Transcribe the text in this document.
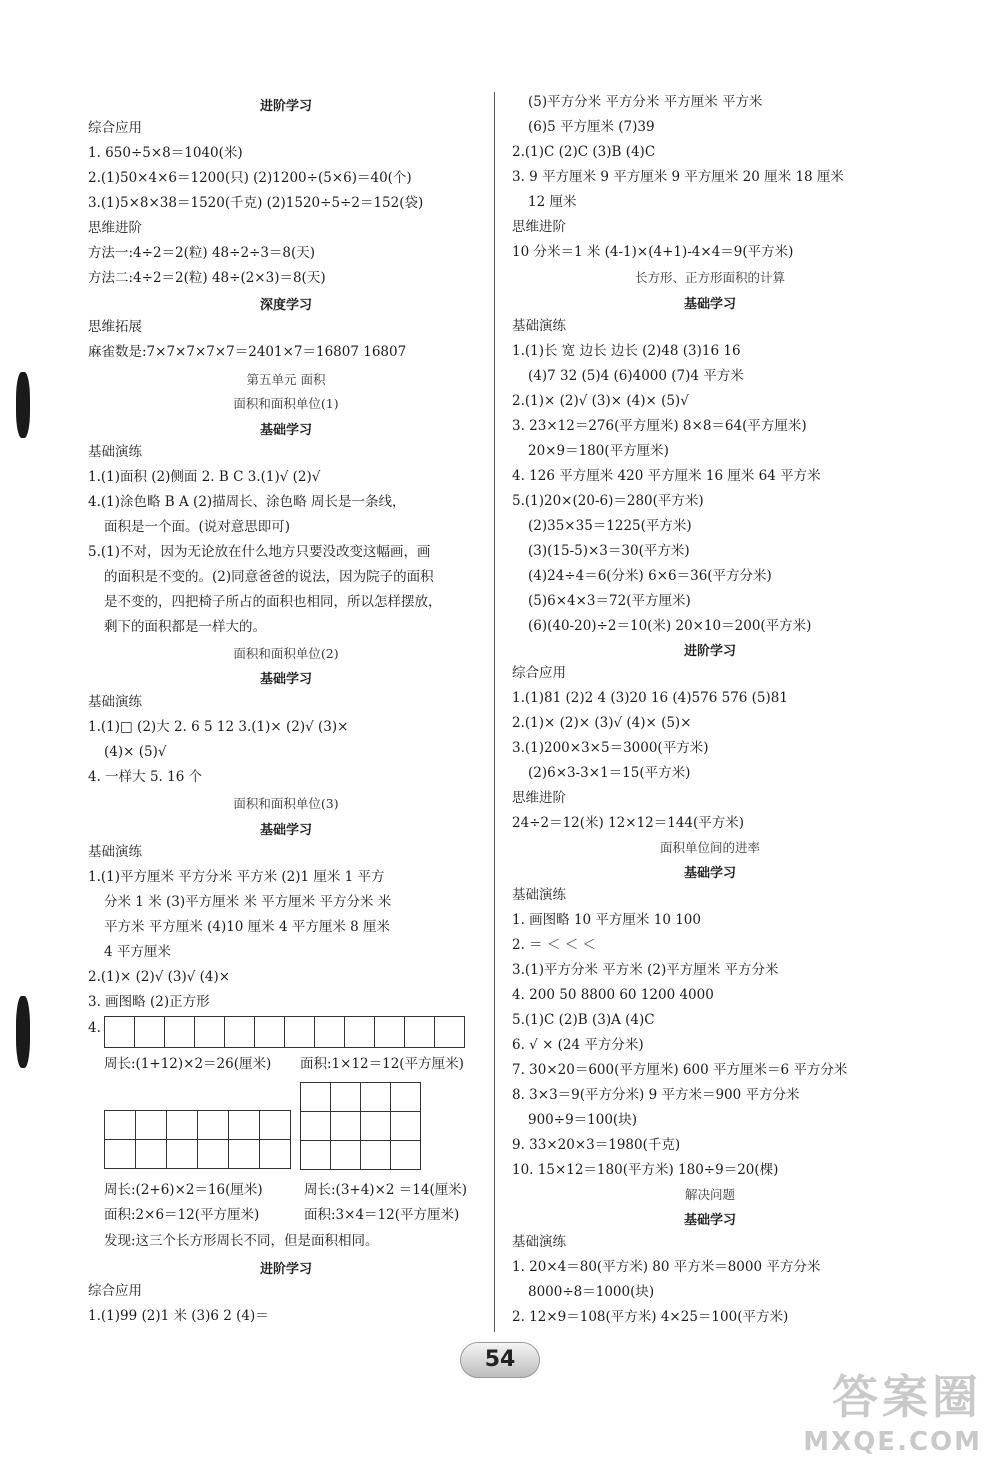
进阶学习
综合应用
1. 650÷5×8＝1040(米)
2.(1)50×4×6＝1200(只) (2)1200÷(5×6)＝40(个)
3.(1)5×8×38＝1520(千克) (2)1520÷5÷2＝152(袋)
思维进阶
方法一:4÷2＝2(粒) 48÷2÷3＝8(天)
方法二:4÷2＝2(粒) 48÷(2×3)＝8(天)
深度学习
思维拓展
麻雀数是:7×7×7×7×7＝2401×7＝16807 16807
第五单元 面积
面积和面积单位(1)
基础学习
基础演练
1.(1)面积 (2)侧面 2. B C 3.(1)√ (2)√
4.(1)涂色略 B A (2)描周长、涂色略 周长是一条线，
面积是一个面。(说对意思即可)
5.(1)不对，因为无论放在什么地方只要没改变这幅画，画
的面积是不变的。(2)同意爸爸的说法，因为院子的面积
是不变的，四把椅子所占的面积也相同，所以怎样摆放，
剩下的面积都是一样大的。
面积和面积单位(2)
基础学习
基础演练
1.(1)□ (2)大 2. 6 5 12 3.(1)× (2)√ (3)×
(4)× (5)√
4. 一样大 5. 16 个
面积和面积单位(3)
基础学习
基础演练
1.(1)平方厘米 平方分米 平方米 (2)1 厘米 1 平方
分米 1 米 (3)平方厘米 米 平方厘米 平方分米 米
平方米 平方厘米 (4)10 厘米 4 平方厘米 8 厘米
4 平方厘米
2.(1)× (2)√ (3)√ (4)×
3. 画图略 (2)正方形
4.

周长:(1+12)×2＝26(厘米) 面积:1×12＝12(平方厘米)

周长:(2+6)×2＝16(厘米)	周长:(3+4)×2 ＝14(厘米)
面积:2×6＝12(平方厘米)	面积:3×4＝12(平方厘米)
发现:这三个长方形周长不同，但是面积相同。
进阶学习
综合应用
1.(1)99 (2)1 米 (3)6 2 (4)＝
(5)平方分米 平方分米 平方厘米 平方米
(6)5 平方厘米 (7)39
2.(1)C (2)C (3)B (4)C
3. 9 平方厘米 9 平方厘米 9 平方厘米 20 厘米 18 厘米
12 厘米
思维进阶
10 分米＝1 米 (4-1)×(4+1)-4×4＝9(平方米)
长方形、正方形面积的计算
基础学习
基础演练
1.(1)长 宽 边长 边长 (2)48 (3)16 16
(4)7 32 (5)4 (6)4000 (7)4 平方米
2.(1)× (2)√ (3)× (4)× (5)√
3. 23×12＝276(平方厘米) 8×8＝64(平方厘米)
20×9＝180(平方厘米)
4. 126 平方厘米 420 平方厘米 16 厘米 64 平方米
5.(1)20×(20-6)＝280(平方米)
(2)35×35＝1225(平方米)
(3)(15-5)×3＝30(平方米)
(4)24÷4＝6(分米) 6×6＝36(平方分米)
(5)6×4×3＝72(平方厘米)
(6)(40-20)÷2＝10(米) 20×10＝200(平方米)
进阶学习
综合应用
1.(1)81 (2)2 4 (3)20 16 (4)576 576 (5)81
2.(1)× (2)× (3)√ (4)× (5)×
3.(1)200×3×5＝3000(平方米)
(2)6×3-3×1＝15(平方米)
思维进阶
24÷2＝12(米) 12×12＝144(平方米)
面积单位间的进率
基础学习
基础演练
1. 画图略 10 平方厘米 10 100
2. ＝ ＜ ＜ ＜
3.(1)平方分米 平方米 (2)平方厘米 平方分米
4. 200 50 8800 60 1200 4000
5.(1)C (2)B (3)A (4)C
6. √ × (24 平方分米)
7. 30×20＝600(平方厘米) 600 平方厘米＝6 平方分米
8. 3×3＝9(平方分米) 9 平方米＝900 平方分米
900÷9＝100(块)
9. 33×20×3＝1980(千克)
10. 15×12＝180(平方米) 180÷9＝20(棵)
解决问题
基础学习
基础演练
1. 20×4＝80(平方米) 80 平方米＝8000 平方分米
8000÷8＝1000(块)
2. 12×9＝108(平方米) 4×25＝100(平方米)
54
答案圈
MXQE.COM
